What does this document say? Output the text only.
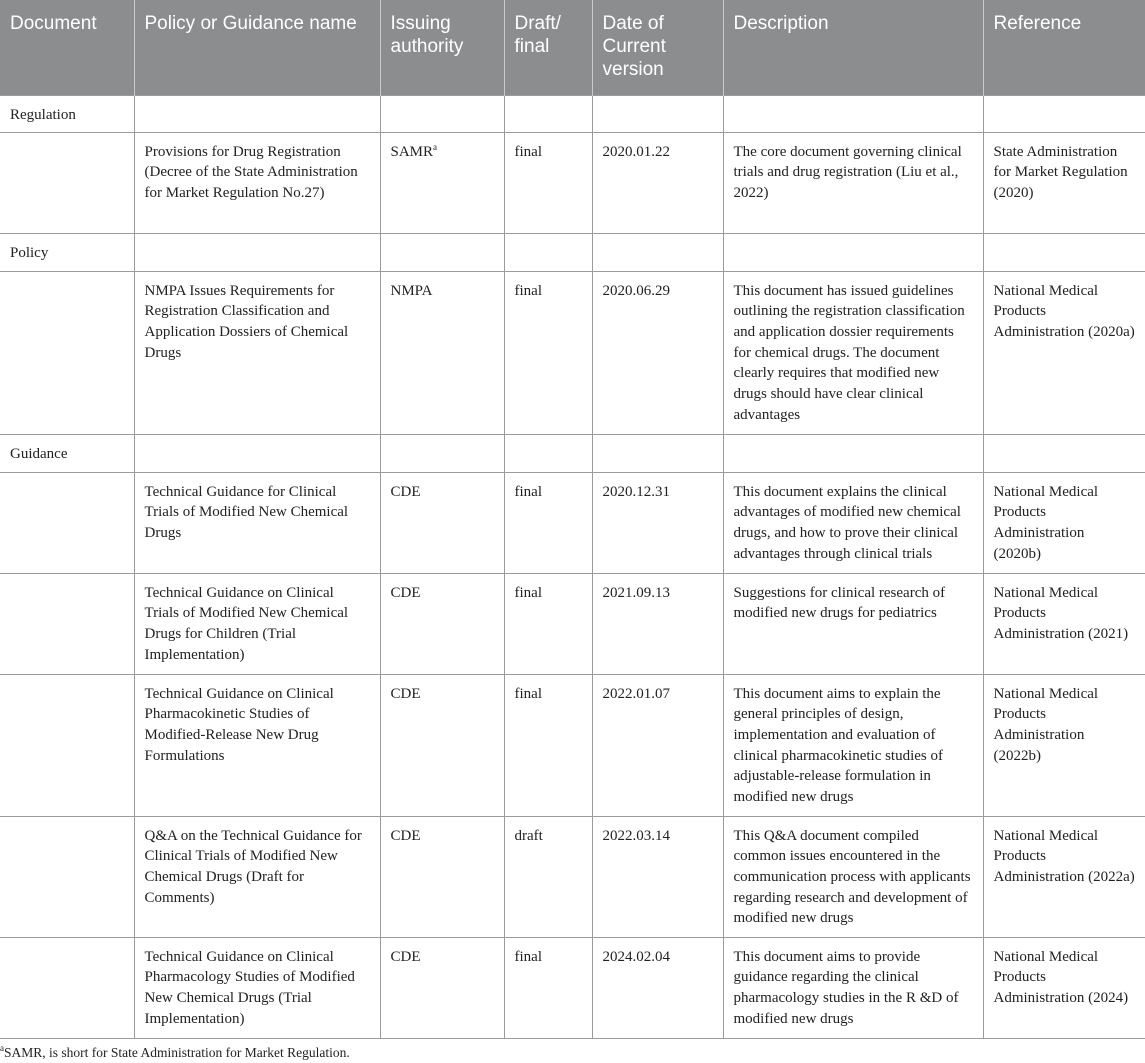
Document	Policy or Guidance name	Issuing authority	Draft/ final	Date of Current version	Description	Reference
Regulation						
	Provisions for Drug Registration (Decree of the State Administration for Market Regulation No.27)	SAMR$^a$	final	2020.01.22	The core document governing clinical trials and drug registration (Liu et al., 2022)	State Administration for Market Regulation (2020)
Policy						
	NMPA Issues Requirements for Registration Classification and Application Dossiers of Chemical Drugs	NMPA	final	2020.06.29	This document has issued guidelines outlining the registration classification and application dossier requirements for chemical drugs. The document clearly requires that modified new drugs should have clear clinical advantages	National Medical Products Administration (2020a)
Guidance						
	Technical Guidance for Clinical Trials of Modified New Chemical Drugs	CDE	final	2020.12.31	This document explains the clinical advantages of modified new chemical drugs, and how to prove their clinical advantages through clinical trials	National Medical Products Administration (2020b)
	Technical Guidance on Clinical Trials of Modified New Chemical Drugs for Children (Trial Implementation)	CDE	final	2021.09.13	Suggestions for clinical research of modified new drugs for pediatrics	National Medical Products Administration (2021)
	Technical Guidance on Clinical Pharmacokinetic Studies of Modified-Release New Drug Formulations	CDE	final	2022.01.07	This document aims to explain the general principles of design, implementation and evaluation of clinical pharmacokinetic studies of adjustable-release formulation in modified new drugs	National Medical Products Administration (2022b)
	Q&A on the Technical Guidance for Clinical Trials of Modified New Chemical Drugs (Draft for Comments)	CDE	draft	2022.03.14	This Q&A document compiled common issues encountered in the communication process with applicants regarding research and development of modified new drugs	National Medical Products Administration (2022a)
	Technical Guidance on Clinical Pharmacology Studies of Modified New Chemical Drugs (Trial Implementation)	CDE	final	2024.02.04	This document aims to provide guidance regarding the clinical pharmacology studies in the R &D of modified new drugs	National Medical Products Administration (2024)
$^a$SAMR, is short for State Administration for Market Regulation.
